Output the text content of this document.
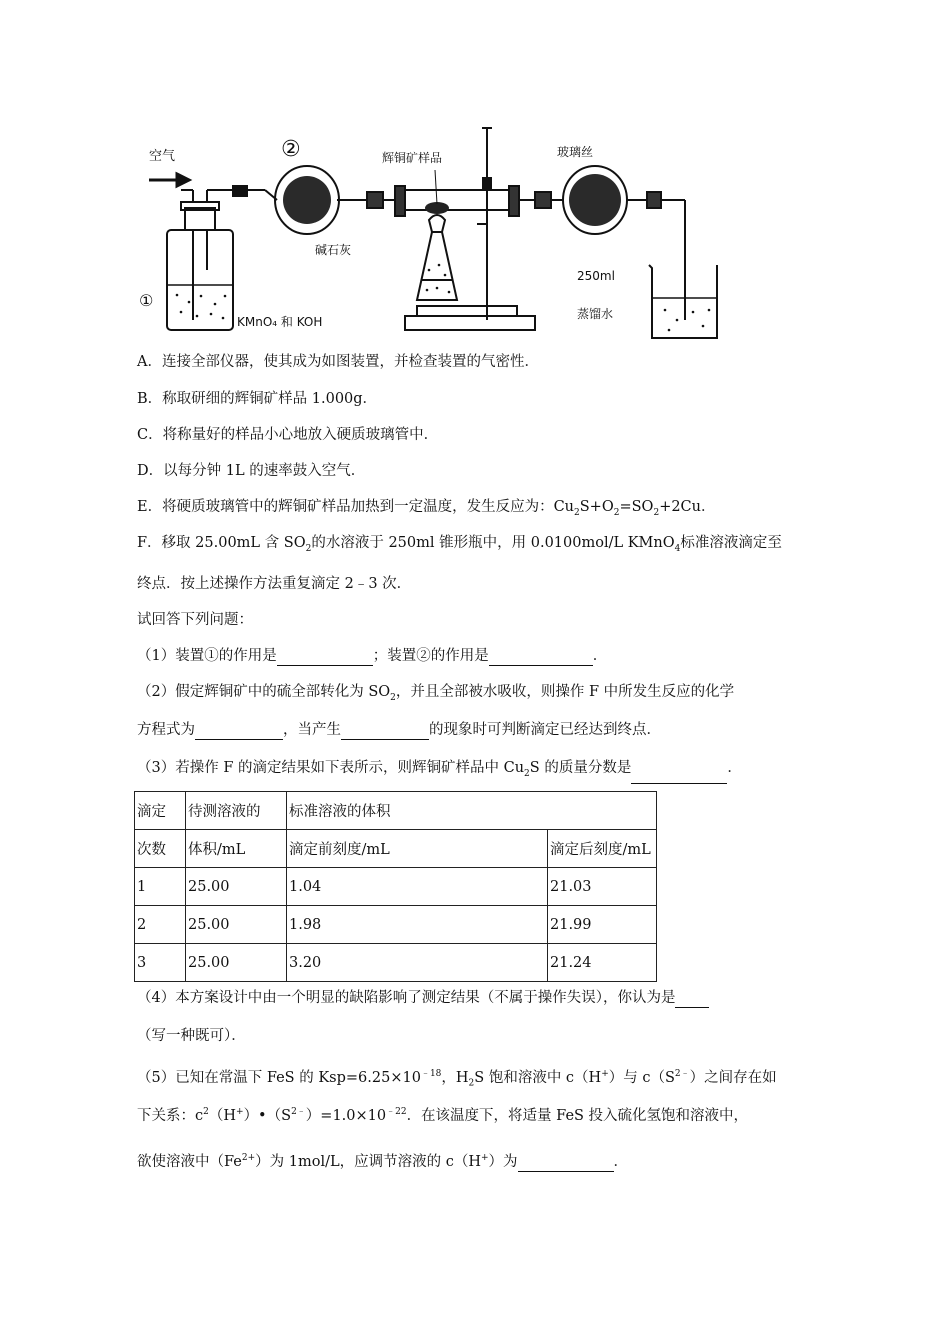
空气
①
KMnO₄ 和 KOH
②
碱石灰
辉铜矿样品	玻璃丝
250ml
蒸馏水
A．连接全部仪器，使其成为如图装置，并检查装置的气密性．
B．称取研细的辉铜矿样品 1.000g．
C．将称量好的样品小心地放入硬质玻璃管中．
D．以每分钟 1L 的速率鼓入空气．
E．将硬质玻璃管中的辉铜矿样品加热到一定温度，发生反应为：$Cu_2S+O_2=SO_2+2Cu$．
F．移取 25.00mL 含 $SO_2$的水溶液于 250ml 锥形瓶中，用 0.0100mol/L KMnO$_4$标准溶液滴定至
终点．按上述操作方法重复滴定 2﹣3 次．
试回答下列问题：
（1）装置①的作用是	；装置②的作用是	．
（2）假定辉铜矿中的硫全部转化为 $SO_2$，并且全部被水吸收，则操作 F 中所发生反应的化学
方程式为	，当产生	的现象时可判断滴定已经达到终点．
（3）若操作 F 的滴定结果如下表所示，则辉铜矿样品中 $Cu_2S$ 的质量分数是	．
滴定	待测溶液的	标准溶液的体积	
次数	体积/mL	滴定前刻度/mL	滴定后刻度/mL
1	25.00	1.04	21.03
2	25.00	1.98	21.99
3	25.00	3.20	21.24
（4）本方案设计中由一个明显的缺陷影响了测定结果（不属于操作失误），你认为是
（写一种既可）．
（5）已知在常温下 FeS 的 $Ksp=6.25\times 10^{﹣18}$，$H_2S$ 饱和溶液中 c（H+）与 $c(S^{2﹣})$之间存在如
下关系：$c^2(H^+)•(S^{2﹣})=1.0\times 10^{﹣22}$．在该温度下，将适量 FeS 投入硫化氢饱和溶液中，
欲使溶液中$(Fe^{2+})$为 1mol/L，应调节溶液的 c（H+）为	．
